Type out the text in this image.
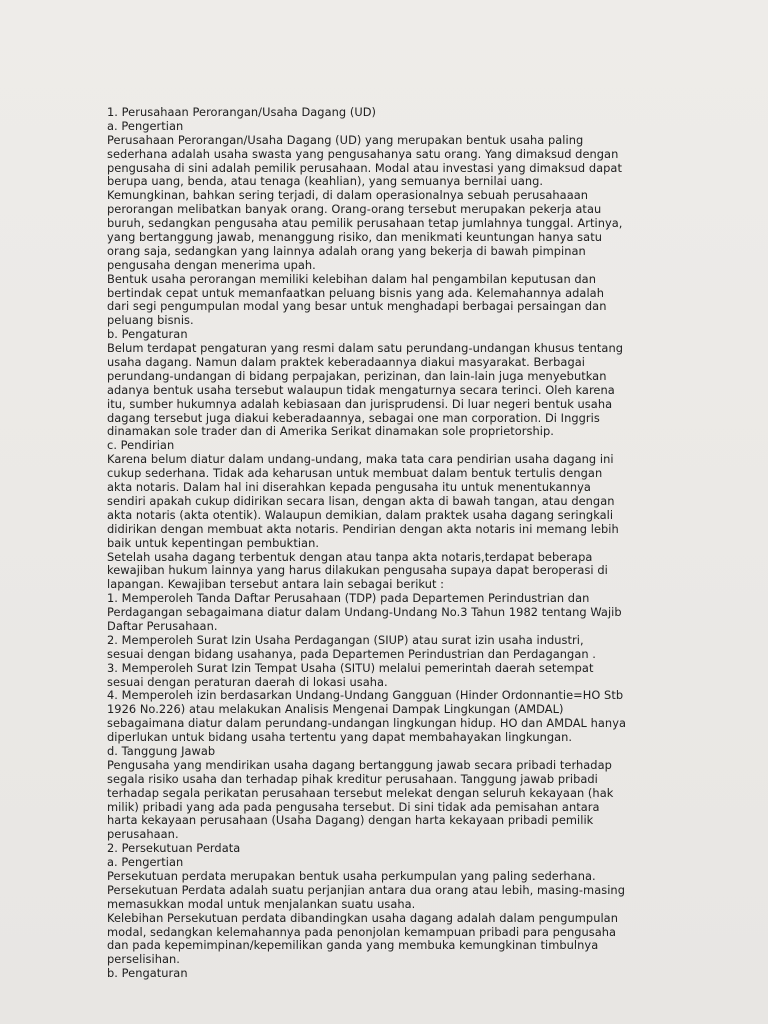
1. Perusahaan Perorangan/Usaha Dagang (UD)
a. Pengertian
Perusahaan Perorangan/Usaha Dagang (UD) yang merupakan bentuk usaha paling
sederhana adalah usaha swasta yang pengusahanya satu orang. Yang dimaksud dengan
pengusaha di sini adalah pemilik perusahaan. Modal atau investasi yang dimaksud dapat
berupa uang, benda, atau tenaga (keahlian), yang semuanya bernilai uang.
Kemungkinan, bahkan sering terjadi, di dalam operasionalnya sebuah perusahaaan
perorangan melibatkan banyak orang. Orang-orang tersebut merupakan pekerja atau
buruh, sedangkan pengusaha atau pemilik perusahaan tetap jumlahnya tunggal. Artinya,
yang bertanggung jawab, menanggung risiko, dan menikmati keuntungan hanya satu
orang saja, sedangkan yang lainnya adalah orang yang bekerja di bawah pimpinan
pengusaha dengan menerima upah.
Bentuk usaha perorangan memiliki kelebihan dalam hal pengambilan keputusan dan
bertindak cepat untuk memanfaatkan peluang bisnis yang ada. Kelemahannya adalah
dari segi pengumpulan modal yang besar untuk menghadapi berbagai persaingan dan
peluang bisnis.
b. Pengaturan
Belum terdapat pengaturan yang resmi dalam satu perundang-undangan khusus tentang
usaha dagang. Namun dalam praktek keberadaannya diakui masyarakat. Berbagai
perundang-undangan di bidang perpajakan, perizinan, dan lain-lain juga menyebutkan
adanya bentuk usaha tersebut walaupun tidak mengaturnya secara terinci. Oleh karena
itu, sumber hukumnya adalah kebiasaan dan jurisprudensi. Di luar negeri bentuk usaha
dagang tersebut juga diakui keberadaannya, sebagai one man corporation. Di Inggris
dinamakan sole trader dan di Amerika Serikat dinamakan sole proprietorship.
c. Pendirian
Karena belum diatur dalam undang-undang, maka tata cara pendirian usaha dagang ini
cukup sederhana. Tidak ada keharusan untuk membuat dalam bentuk tertulis dengan
akta notaris. Dalam hal ini diserahkan kepada pengusaha itu untuk menentukannya
sendiri apakah cukup didirikan secara lisan, dengan akta di bawah tangan, atau dengan
akta notaris (akta otentik). Walaupun demikian, dalam praktek usaha dagang seringkali
didirikan dengan membuat akta notaris. Pendirian dengan akta notaris ini memang lebih
baik untuk kepentingan pembuktian.
Setelah usaha dagang terbentuk dengan atau tanpa akta notaris,terdapat beberapa
kewajiban hukum lainnya yang harus dilakukan pengusaha supaya dapat beroperasi di
lapangan. Kewajiban tersebut antara lain sebagai berikut :
1. Memperoleh Tanda Daftar Perusahaan (TDP) pada Departemen Perindustrian dan
Perdagangan sebagaimana diatur dalam Undang-Undang No.3 Tahun 1982 tentang Wajib
Daftar Perusahaan.
2. Memperoleh Surat Izin Usaha Perdagangan (SIUP) atau surat izin usaha industri,
sesuai dengan bidang usahanya, pada Departemen Perindustrian dan Perdagangan .
3. Memperoleh Surat Izin Tempat Usaha (SITU) melalui pemerintah daerah setempat
sesuai dengan peraturan daerah di lokasi usaha.
4. Memperoleh izin berdasarkan Undang-Undang Gangguan (Hinder Ordonnantie=HO Stb
1926 No.226) atau melakukan Analisis Mengenai Dampak Lingkungan (AMDAL)
sebagaimana diatur dalam perundang-undangan lingkungan hidup. HO dan AMDAL hanya
diperlukan untuk bidang usaha tertentu yang dapat membahayakan lingkungan.
d. Tanggung Jawab
Pengusaha yang mendirikan usaha dagang bertanggung jawab secara pribadi terhadap
segala risiko usaha dan terhadap pihak kreditur perusahaan. Tanggung jawab pribadi
terhadap segala perikatan perusahaan tersebut melekat dengan seluruh kekayaan (hak
milik) pribadi yang ada pada pengusaha tersebut. Di sini tidak ada pemisahan antara
harta kekayaan perusahaan (Usaha Dagang) dengan harta kekayaan pribadi pemilik
perusahaan.
2. Persekutuan Perdata
a. Pengertian
Persekutuan perdata merupakan bentuk usaha perkumpulan yang paling sederhana.
Persekutuan Perdata adalah suatu perjanjian antara dua orang atau lebih, masing-masing
memasukkan modal untuk menjalankan suatu usaha.
Kelebihan Persekutuan perdata dibandingkan usaha dagang adalah dalam pengumpulan
modal, sedangkan kelemahannya pada penonjolan kemampuan pribadi para pengusaha
dan pada kepemimpinan/kepemilikan ganda yang membuka kemungkinan timbulnya
perselisihan.
b. Pengaturan
